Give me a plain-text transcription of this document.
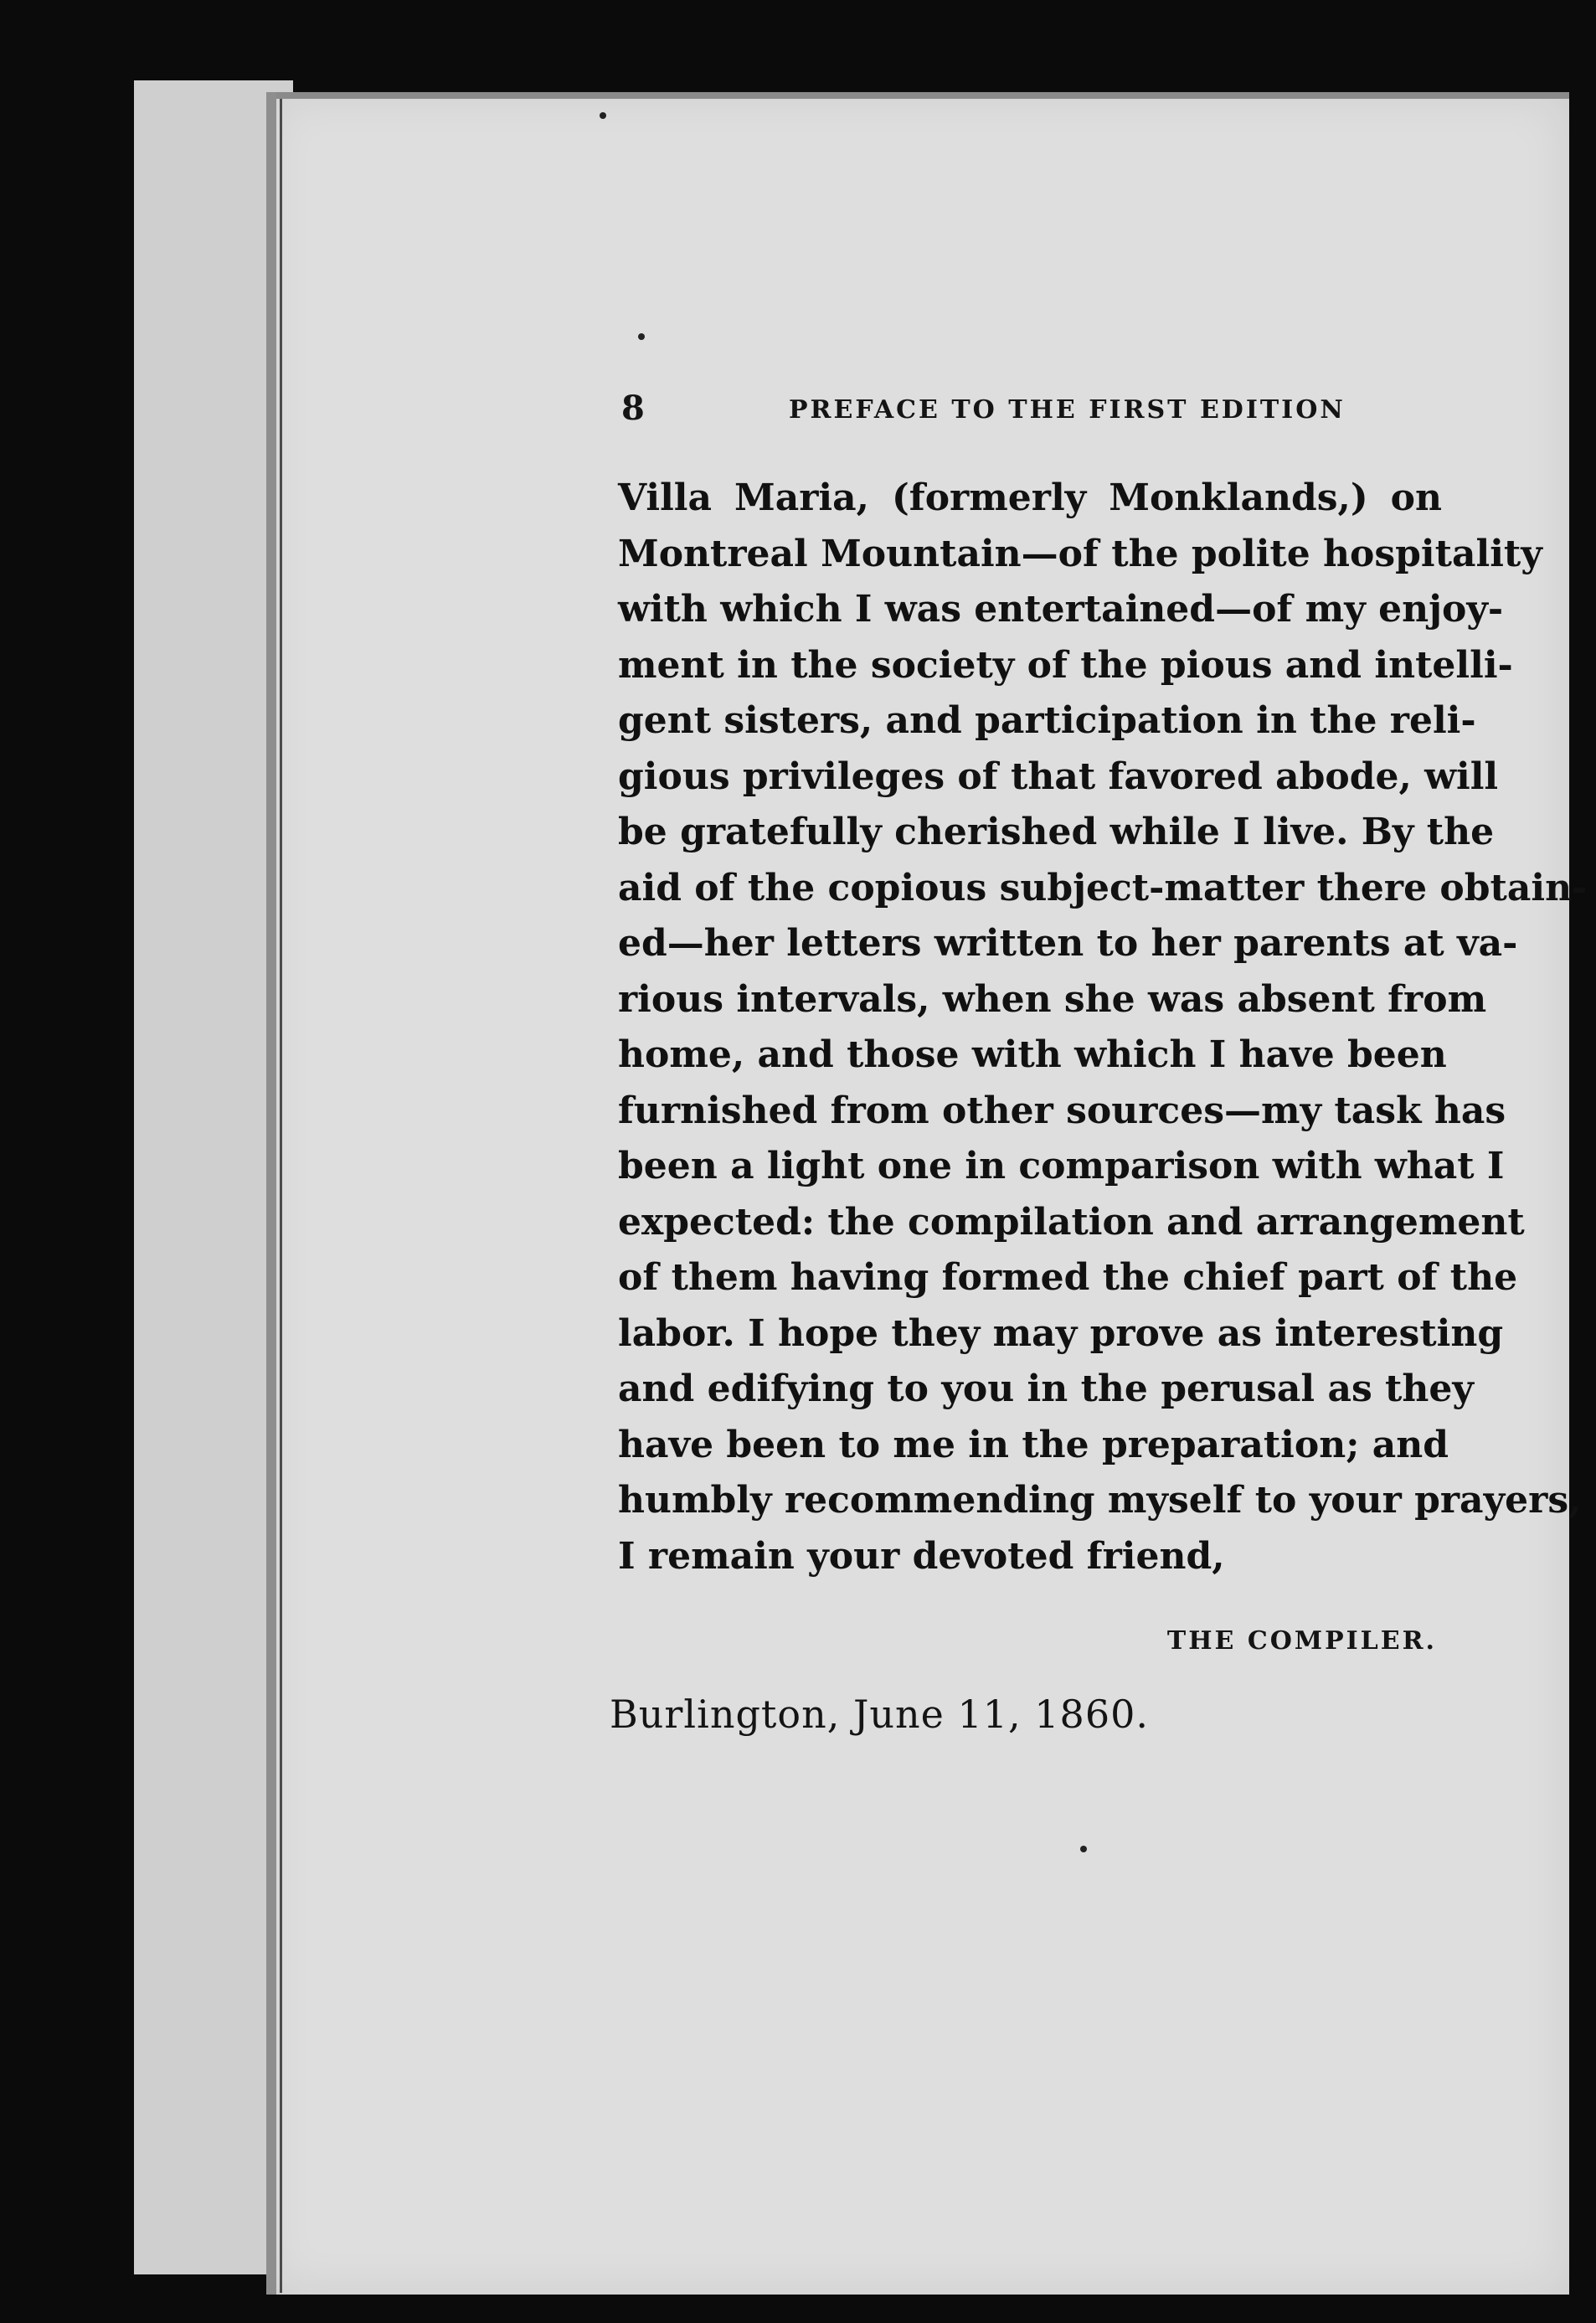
8	PREFACE TO THE FIRST EDITION
Villa Maria, (formerly Monklands,) on
Montreal Mountain—of the polite hospitality
with which I was entertained—of my enjoy-
ment in the society of the pious and intelli-
gent sisters, and participation in the reli-
gious privileges of that favored abode, will
be gratefully cherished while I live. By the
aid of the copious subject-matter there obtain-
ed—her letters written to her parents at va-
rious intervals, when she was absent from
home, and those with which I have been
furnished from other sources—my task has
been a light one in comparison with what I
expected: the compilation and arrangement
of them having formed the chief part of the
labor. I hope they may prove as interesting
and edifying to you in the perusal as they
have been to me in the preparation; and
humbly recommending myself to your prayers,
I remain your devoted friend,
THE COMPILER.
Burlington, June 11, 1860.
